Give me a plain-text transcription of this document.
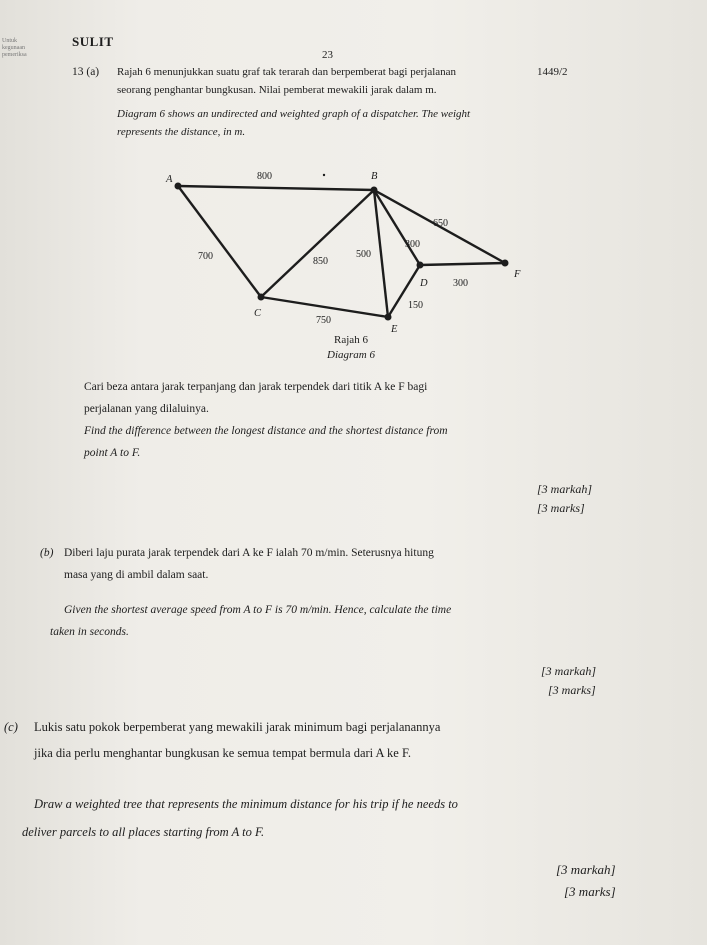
Untuk kegunaan pemeriksa
SULIT
23
1449/2
13 (a) Rajah 6 menunjukkan suatu graf tak terarah dan berpemberat bagi perjalanan
seorang penghantar bungkusan. Nilai pemberat mewakili jarak dalam m.
Diagram 6 shows an undirected and weighted graph of a dispatcher. The weight
represents the distance, in m.
A	B
C
D
E
F
800
700	850
500
300
650
300
150
750
Rajah 6
Diagram 6
Cari beza antara jarak terpanjang dan jarak terpendek dari titik A ke F bagi
perjalanan yang dilaluinya.
Find the difference between the longest distance and the shortest distance from
point A to F.
[3 markah]
[3 marks]
(b) Diberi laju purata jarak terpendek dari A ke F ialah 70 m/min. Seterusnya hitung
masa yang di ambil dalam saat.
Given the shortest average speed from A to F is 70 m/min. Hence, calculate the time
taken in seconds.
[3 markah]
[3 marks]
(c)	Lukis satu pokok berpemberat yang mewakili jarak minimum bagi perjalanannya
jika dia perlu menghantar bungkusan ke semua tempat bermula dari A ke F.
Draw a weighted tree that represents the minimum distance for his trip if he needs to
deliver parcels to all places starting from A to F.
[3 markah]
[3 marks]
